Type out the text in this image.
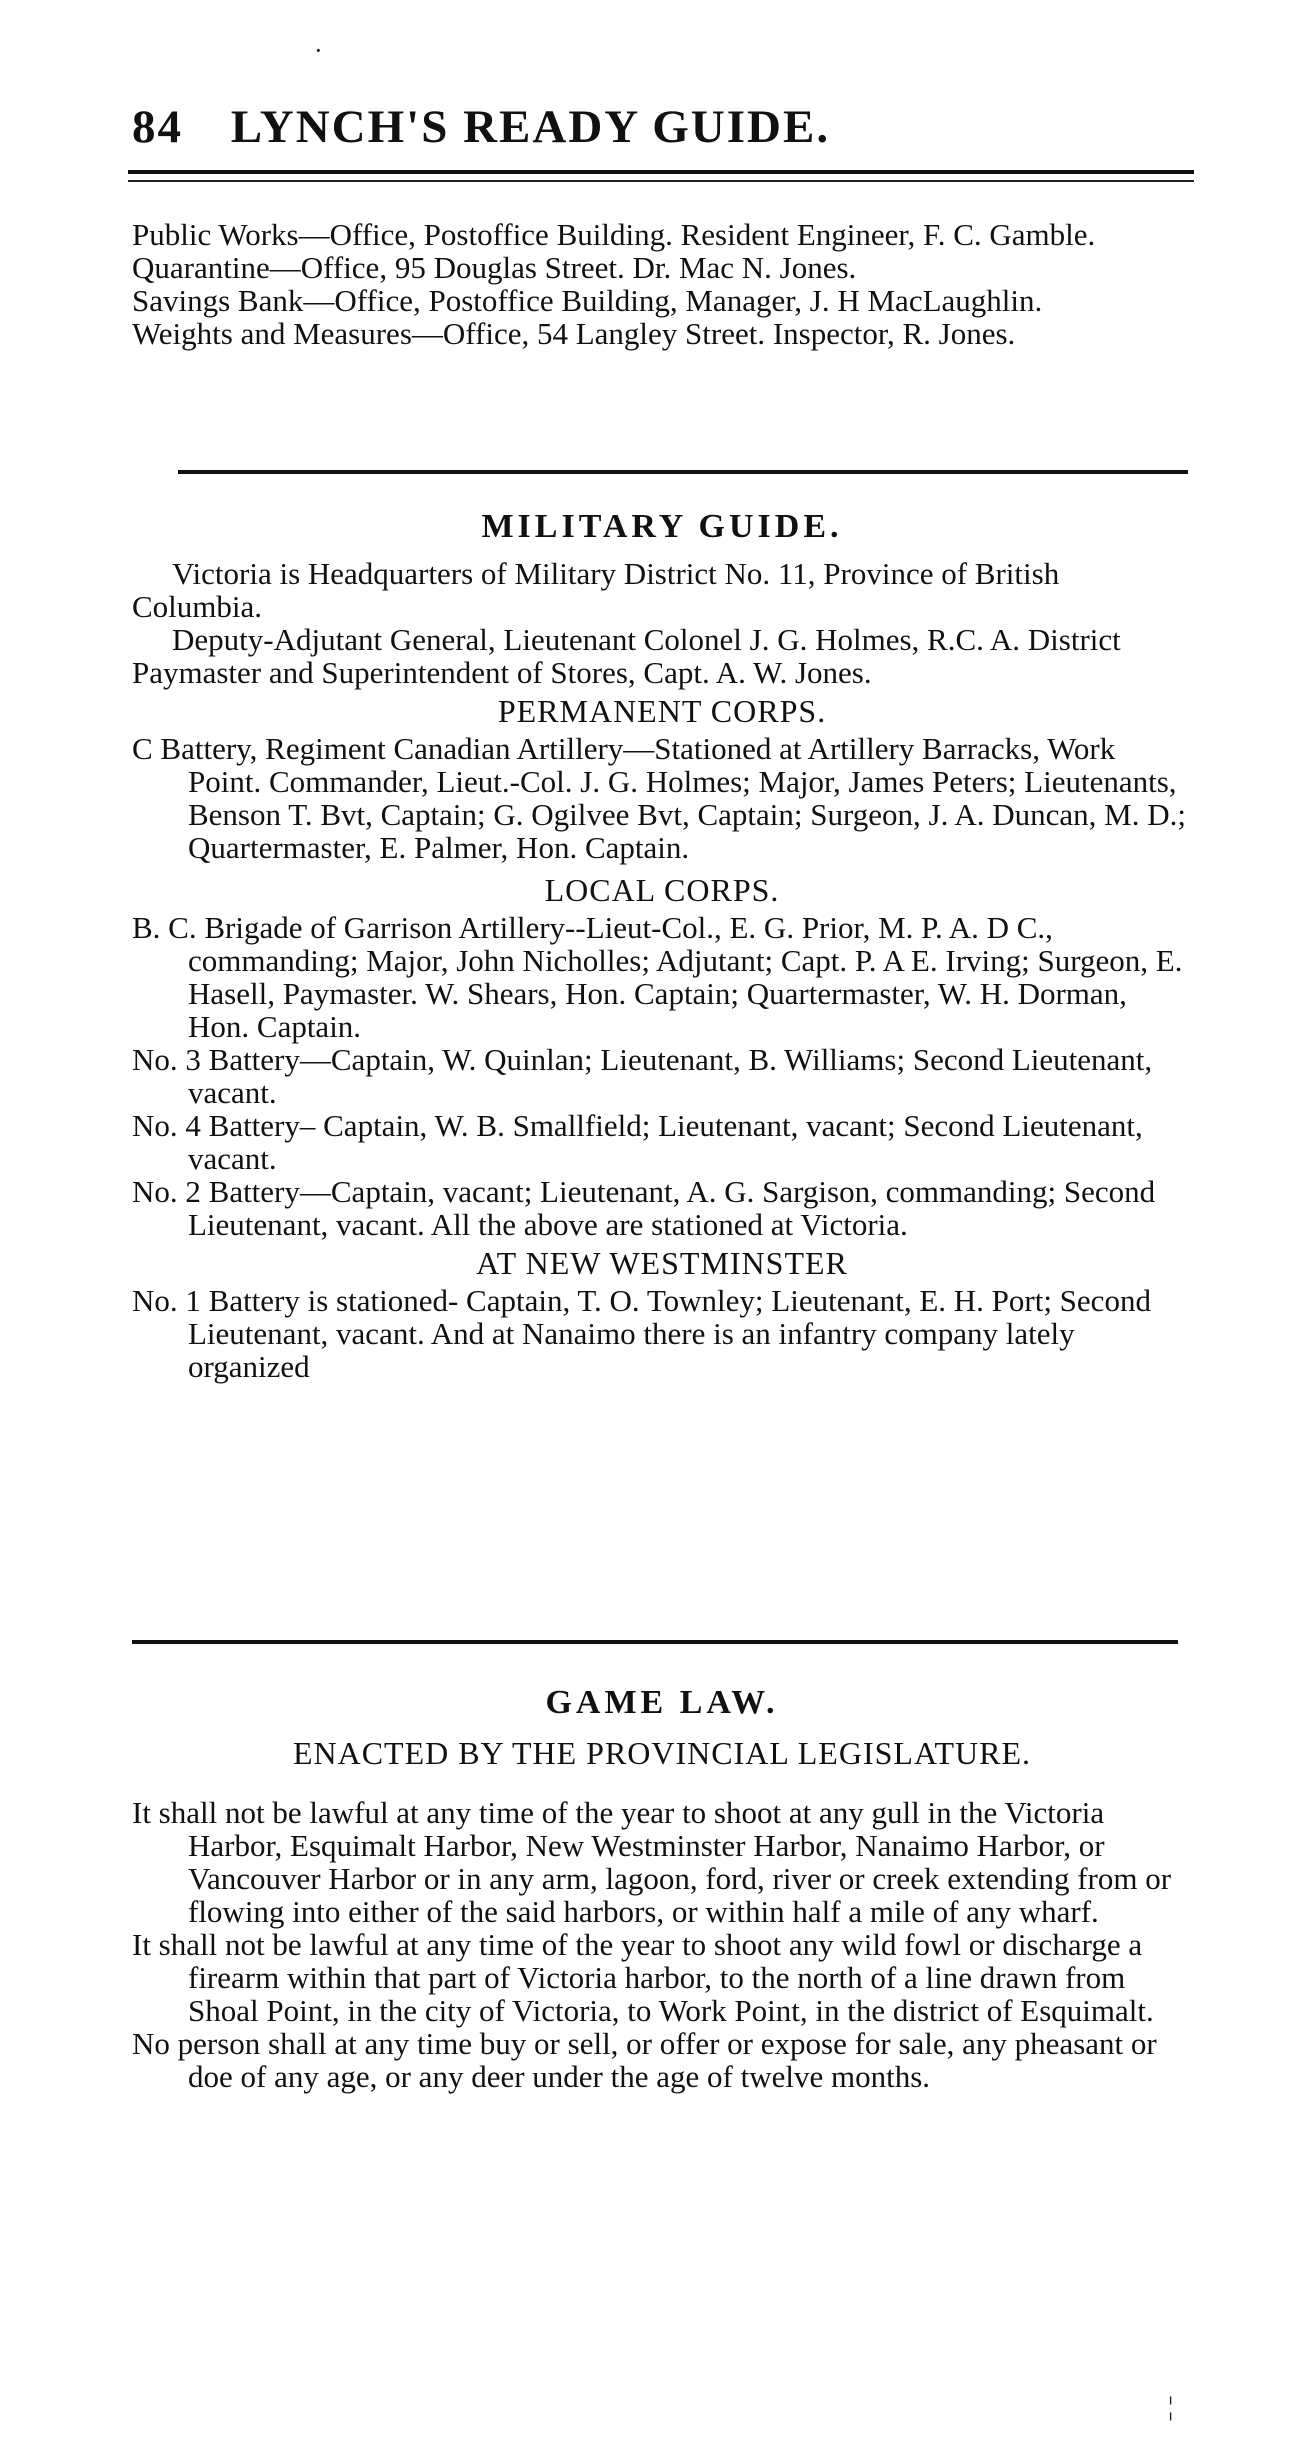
·
84 LYNCH'S READY GUIDE.

Public Works—Office, Postoffice Building. Resident Engineer, F. C. Gamble.

Quarantine—Office, 95 Douglas Street. Dr. Mac N. Jones.

Savings Bank—Office, Postoffice Building, Manager, J. H MacLaughlin.

Weights and Measures—Office, 54 Langley Street. Inspector, R. Jones.

MILITARY GUIDE.

Victoria is Headquarters of Military District No. 11, Province of British Columbia.

Deputy-Adjutant General, Lieutenant Colonel J. G. Holmes, R.C. A. District Paymaster and Superintendent of Stores, Capt. A. W. Jones.

PERMANENT CORPS.

C Battery, Regiment Canadian Artillery—Stationed at Artillery Barracks, Work Point. Commander, Lieut.-Col. J. G. Holmes; Major, James Peters; Lieutenants, Benson T. Bvt, Captain; G. Ogilvee Bvt, Captain; Surgeon, J. A. Duncan, M. D.; Quartermaster, E. Palmer, Hon. Captain.

LOCAL CORPS.

B. C. Brigade of Garrison Artillery--Lieut-Col., E. G. Prior, M. P. A. D C., commanding; Major, John Nicholles; Adjutant; Capt. P. A E. Irving; Surgeon, E. Hasell, Paymaster. W. Shears, Hon. Captain; Quartermaster, W. H. Dorman, Hon. Captain.

No. 3 Battery—Captain, W. Quinlan; Lieutenant, B. Williams; Second Lieutenant, vacant.

No. 4 Battery– Captain, W. B. Smallfield; Lieutenant, vacant; Second Lieutenant, vacant.

No. 2 Battery—Captain, vacant; Lieutenant, A. G. Sargison, commanding; Second Lieutenant, vacant. All the above are stationed at Victoria.

AT NEW WESTMINSTER

No. 1 Battery is stationed- Captain, T. O. Townley; Lieutenant, E. H. Port; Second Lieutenant, vacant. And at Nanaimo there is an infantry company lately organized

GAME LAW.
ENACTED BY THE PROVINCIAL LEGISLATURE.

It shall not be lawful at any time of the year to shoot at any gull in the Victoria Harbor, Esquimalt Harbor, New Westminster Harbor, Nanaimo Harbor, or Vancouver Harbor or in any arm, lagoon, ford, river or creek extending from or flowing into either of the said harbors, or within half a mile of any wharf.

It shall not be lawful at any time of the year to shoot any wild fowl or discharge a firearm within that part of Victoria harbor, to the north of a line drawn from Shoal Point, in the city of Victoria, to Work Point, in the district of Esquimalt.

No person shall at any time buy or sell, or offer or expose for sale, any pheasant or doe of any age, or any deer under the age of twelve months.

¦
